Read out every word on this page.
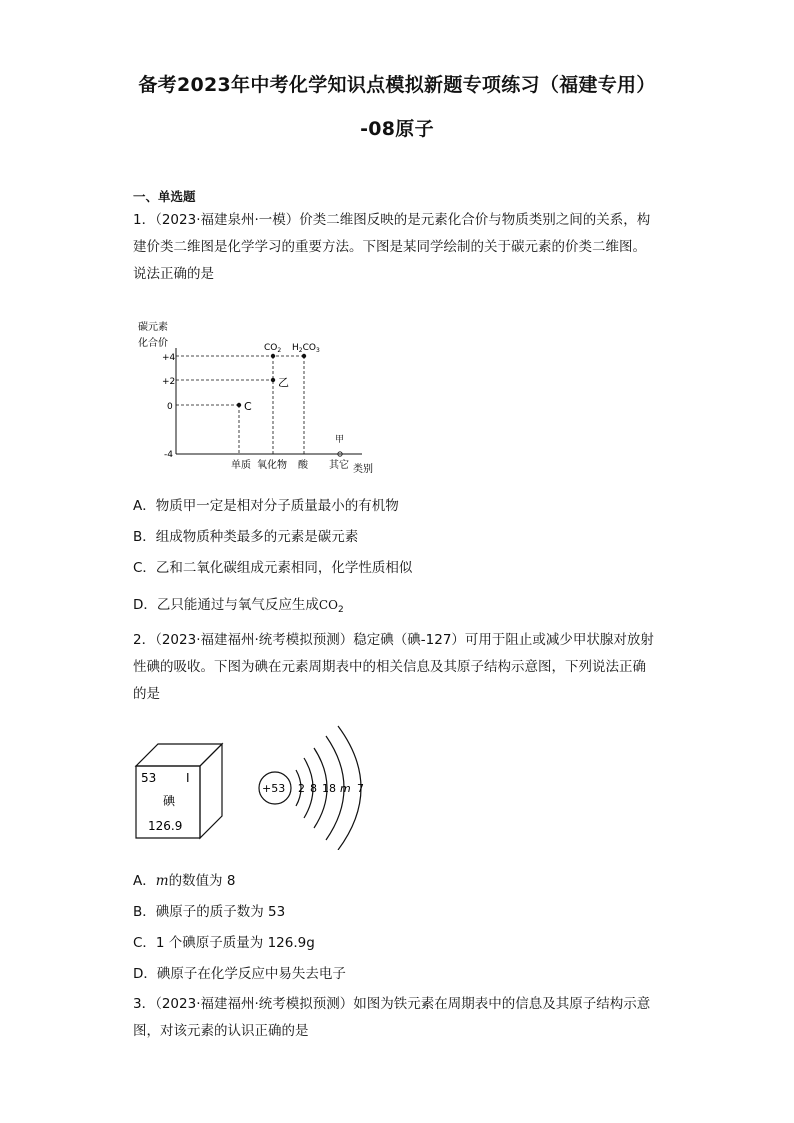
备考2023年中考化学知识点模拟新题专项练习（福建专用）
-08原子
一、单选题
1．（2023·福建泉州·一模）价类二维图反映的是元素化合价与物质类别之间的关系，构
建价类二维图是化学学习的重要方法。下图是某同学绘制的关于碳元素的价类二维图。
说法正确的是
碳元素
化合价
+4
+2
0
-4
C
乙
$CO_2$ $H_2CO_3$
甲
单质 氧化物 酸 其它 类别
A．物质甲一定是相对分子质量最小的有机物
B．组成物质种类最多的元素是碳元素
C．乙和二氧化碳组成元素相同，化学性质相似
D．乙只能通过与氧气反应生成$CO_2$
2．（2023·福建福州·统考模拟预测）稳定碘（碘-127）可用于阻止或减少甲状腺对放射
性碘的吸收。下图为碘在元素周期表中的相关信息及其原子结构示意图，下列说法正确
的是
53 I
碘
126.9
+53 2 8 18 m 7
A．m的数值为 8
B．碘原子的质子数为 53
C．1 个碘原子质量为 126.9g
D．碘原子在化学反应中易失去电子
3．（2023·福建福州·统考模拟预测）如图为铁元素在周期表中的信息及其原子结构示意
图，对该元素的认识正确的是
